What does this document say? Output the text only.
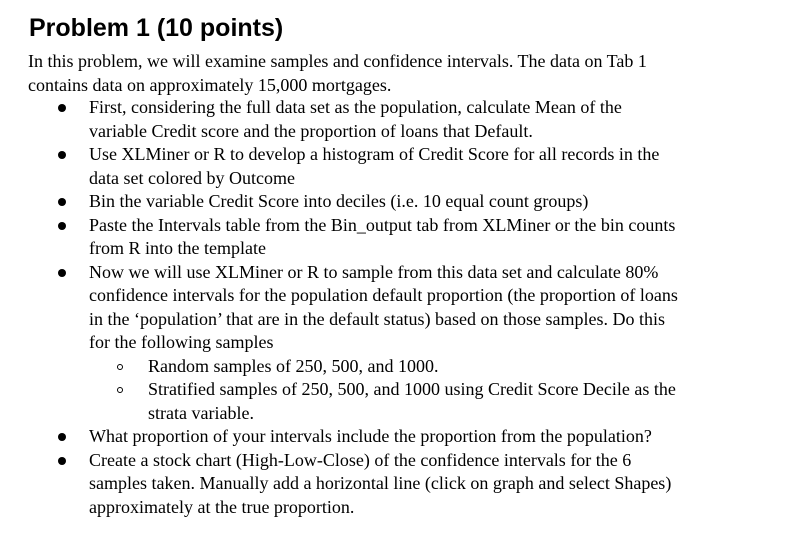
Problem 1 (10 points)

In this problem, we will examine samples and confidence intervals. The data on Tab 1
contains data on approximately 15,000 mortgages.

First, considering the full data set as the population, calculate Mean of the
variable Credit score and the proportion of loans that Default.
Use XLMiner or R to develop a histogram of Credit Score for all records in the
data set colored by Outcome
Bin the variable Credit Score into deciles (i.e. 10 equal count groups)
Paste the Intervals table from the Bin_output tab from XLMiner or the bin counts
from R into the template
Now we will use XLMiner or R to sample from this data set and calculate 80%
confidence intervals for the population default proportion (the proportion of loans
in the ‘population’ that are in the default status) based on those samples. Do this
for the following samples
Random samples of 250, 500, and 1000.
Stratified samples of 250, 500, and 1000 using Credit Score Decile as the
strata variable.
What proportion of your intervals include the proportion from the population?
Create a stock chart (High-Low-Close) of the confidence intervals for the 6
samples taken. Manually add a horizontal line (click on graph and select Shapes)
approximately at the true proportion.
